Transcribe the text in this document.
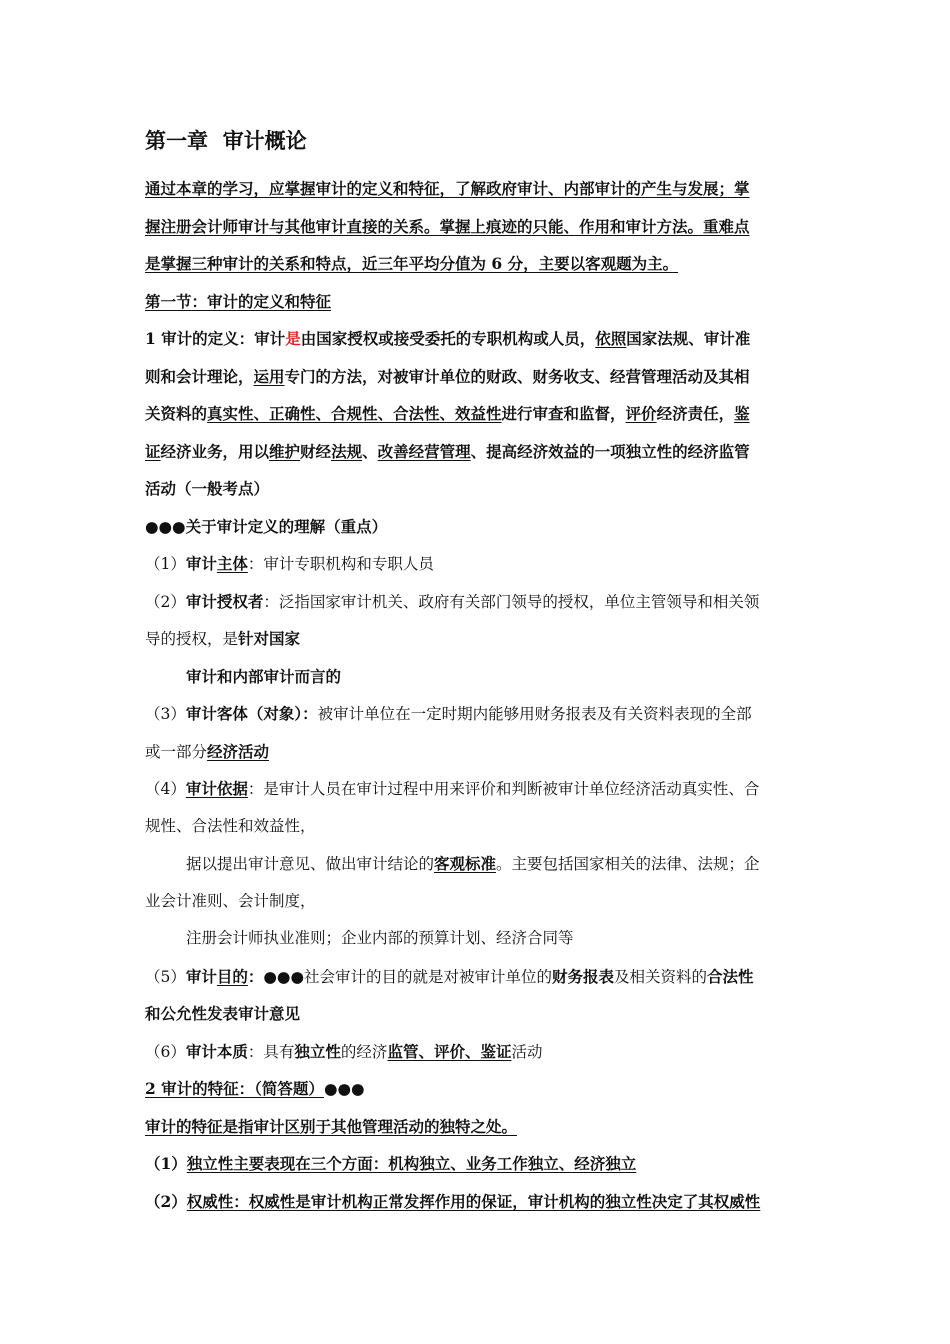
第一章  审计概论
通过本章的学习，应掌握审计的定义和特征，了解政府审计、内部审计的产生与发展；掌
握注册会计师审计与其他审计直接的关系。掌握上痕迹的只能、作用和审计方法。重难点
是掌握三种审计的关系和特点，近三年平均分值为 6 分，主要以客观题为主。
第一节：审计的定义和特征
1 审计的定义：审计是由国家授权或接受委托的专职机构或人员，依照国家法规、审计准
则和会计理论，运用专门的方法，对被审计单位的财政、财务收支、经营管理活动及其相
关资料的真实性、正确性、合规性、合法性、效益性进行审查和监督，评价经济责任，鉴
证经济业务，用以维护财经法规、改善经营管理、提高经济效益的一项独立性的经济监管
活动（一般考点）
●●●关于审计定义的理解（重点）
（1）审计主体：审计专职机构和专职人员
（2）审计授权者：泛指国家审计机关、政府有关部门领导的授权，单位主管领导和相关领
导的授权，是针对国家
审计和内部审计而言的
（3）审计客体（对象）：被审计单位在一定时期内能够用财务报表及有关资料表现的全部
或一部分经济活动
（4）审计依据：是审计人员在审计过程中用来评价和判断被审计单位经济活动真实性、合
规性、合法性和效益性，
据以提出审计意见、做出审计结论的客观标准。主要包括国家相关的法律、法规；企
业会计准则、会计制度，
注册会计师执业准则；企业内部的预算计划、经济合同等
（5）审计目的：●●●社会审计的目的就是对被审计单位的财务报表及相关资料的合法性
和公允性发表审计意见
（6）审计本质：具有独立性的经济监管、评价、鉴证活动
2 审计的特征：（简答题）●●●
审计的特征是指审计区别于其他管理活动的独特之处。
（1）独立性主要表现在三个方面：机构独立、业务工作独立、经济独立
（2）权威性：权威性是审计机构正常发挥作用的保证，审计机构的独立性决定了其权威性
